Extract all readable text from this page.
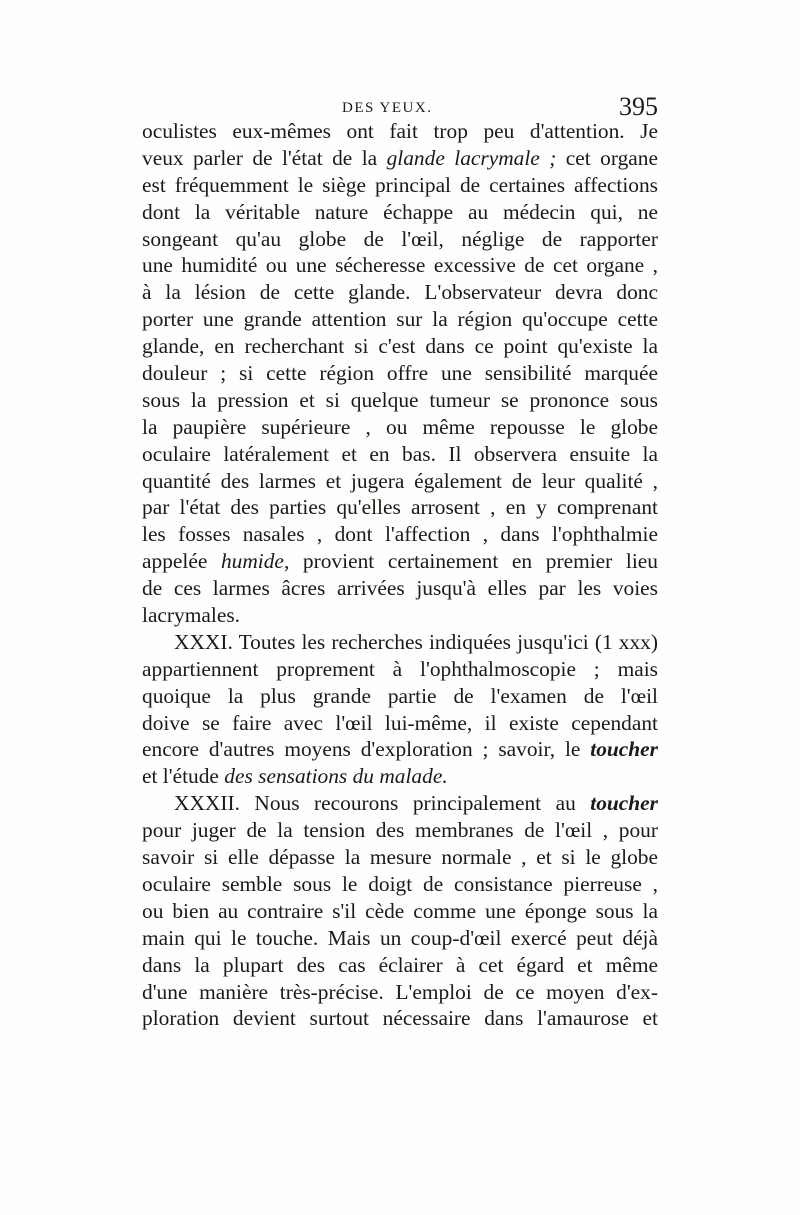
DES YEUX.	395
oculistes eux-mêmes ont fait trop peu d'attention. Je
veux parler de l'état de la glande lacrymale ; cet organe
est fréquemment le siège principal de certaines affections
dont la véritable nature échappe au médecin qui, ne
songeant qu'au globe de l'œil, néglige de rapporter
une humidité ou une sécheresse excessive de cet organe ,
à la lésion de cette glande. L'observateur devra donc
porter une grande attention sur la région qu'occupe cette
glande, en recherchant si c'est dans ce point qu'existe la
douleur ; si cette région offre une sensibilité marquée
sous la pression et si quelque tumeur se prononce sous
la paupière supérieure , ou même repousse le globe
oculaire latéralement et en bas. Il observera ensuite la
quantité des larmes et jugera également de leur qualité ,
par l'état des parties qu'elles arrosent , en y comprenant
les fosses nasales , dont l'affection , dans l'ophthalmie
appelée humide, provient certainement en premier lieu
de ces larmes âcres arrivées jusqu'à elles par les voies
lacrymales.
XXXI. Toutes les recherches indiquées jusqu'ici (1 xxx)
appartiennent proprement à l'ophthalmoscopie ; mais
quoique la plus grande partie de l'examen de l'œil
doive se faire avec l'œil lui-même, il existe cependant
encore d'autres moyens d'exploration ; savoir, le toucher
et l'étude des sensations du malade.
XXXII. Nous recourons principalement au toucher
pour juger de la tension des membranes de l'œil , pour
savoir si elle dépasse la mesure normale , et si le globe
oculaire semble sous le doigt de consistance pierreuse ,
ou bien au contraire s'il cède comme une éponge sous la
main qui le touche. Mais un coup-d'œil exercé peut déjà
dans la plupart des cas éclairer à cet égard et même
d'une manière très-précise. L'emploi de ce moyen d'ex-
ploration devient surtout nécessaire dans l'amaurose et
